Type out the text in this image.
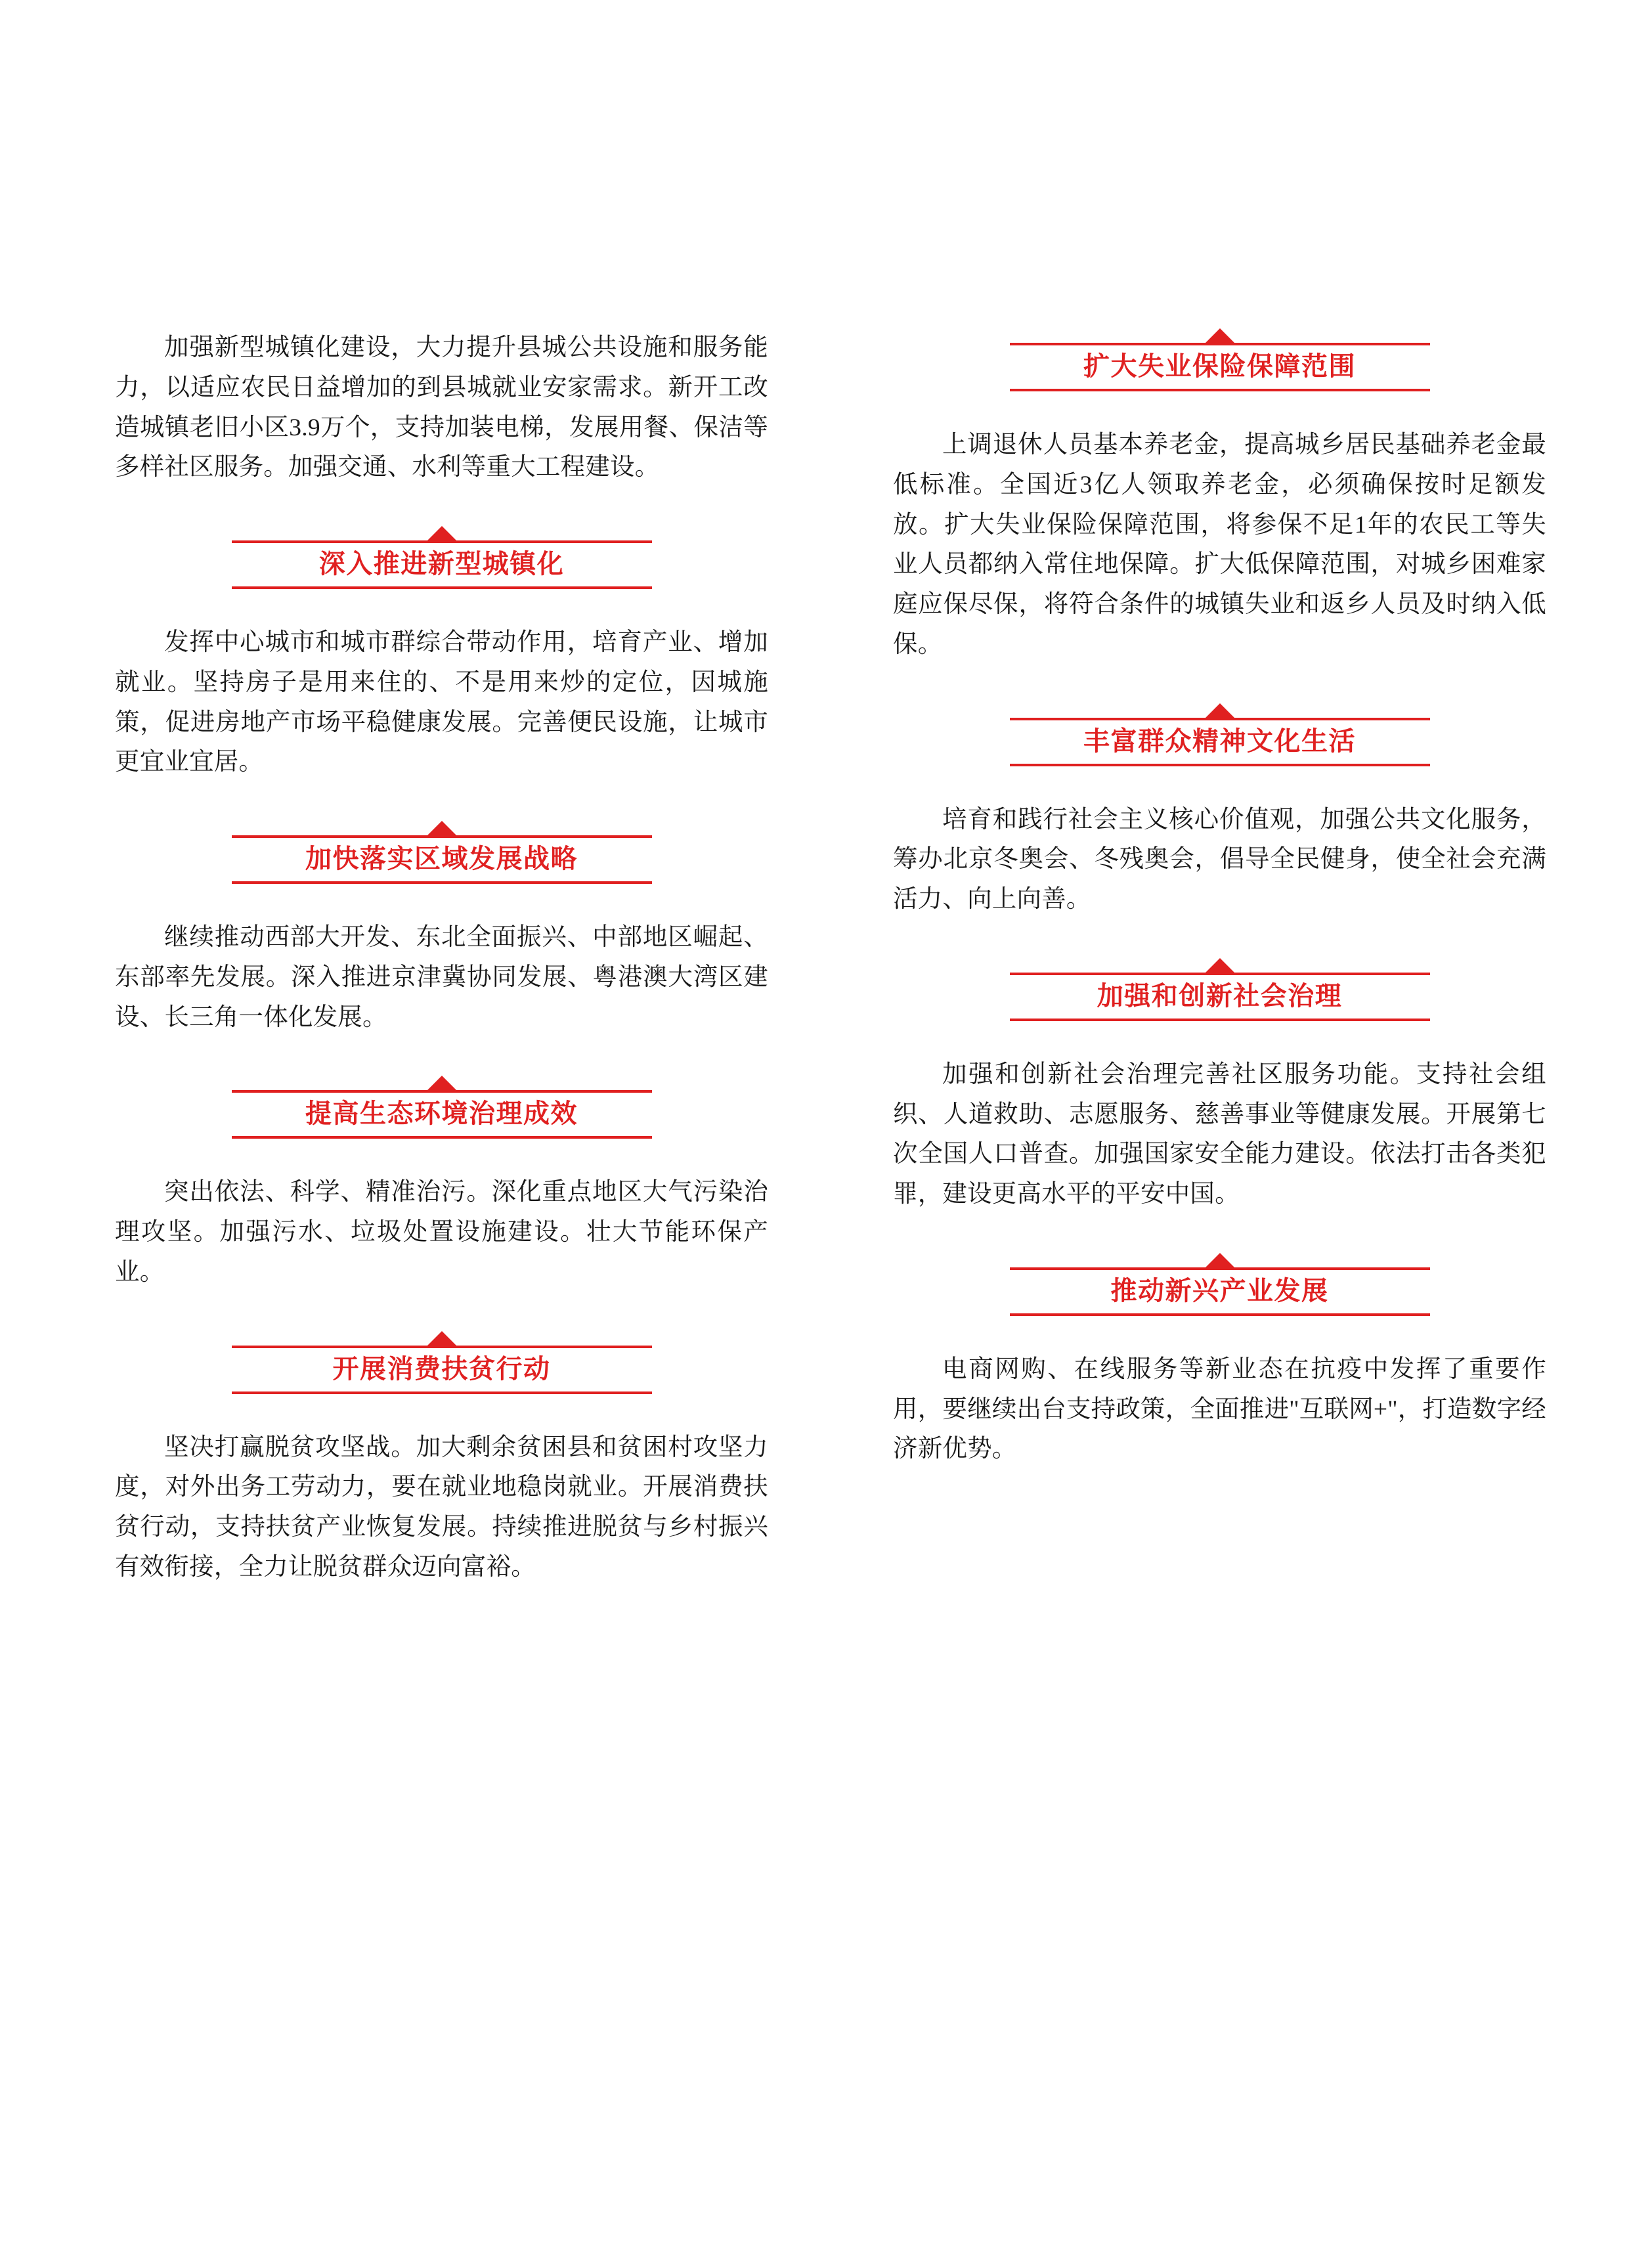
加强新型城镇化建设，大力提升县城公共设施和服务能力，以适应农民日益增加的到县城就业安家需求。新开工改造城镇老旧小区3.9万个，支持加装电梯，发展用餐、保洁等多样社区服务。加强交通、水利等重大工程建设。

深入推进新型城镇化

发挥中心城市和城市群综合带动作用，培育产业、增加就业。坚持房子是用来住的、不是用来炒的定位，因城施策，促进房地产市场平稳健康发展。完善便民设施，让城市更宜业宜居。

加快落实区域发展战略

继续推动西部大开发、东北全面振兴、中部地区崛起、东部率先发展。深入推进京津冀协同发展、粤港澳大湾区建设、长三角一体化发展。

提高生态环境治理成效

突出依法、科学、精准治污。深化重点地区大气污染治理攻坚。加强污水、垃圾处置设施建设。壮大节能环保产业。

开展消费扶贫行动

坚决打赢脱贫攻坚战。加大剩余贫困县和贫困村攻坚力度，对外出务工劳动力，要在就业地稳岗就业。开展消费扶贫行动，支持扶贫产业恢复发展。持续推进脱贫与乡村振兴有效衔接，全力让脱贫群众迈向富裕。

扩大失业保险保障范围

上调退休人员基本养老金，提高城乡居民基础养老金最低标准。全国近3亿人领取养老金，必须确保按时足额发放。扩大失业保险保障范围，将参保不足1年的农民工等失业人员都纳入常住地保障。扩大低保障范围，对城乡困难家庭应保尽保，将符合条件的城镇失业和返乡人员及时纳入低保。

丰富群众精神文化生活

培育和践行社会主义核心价值观，加强公共文化服务，筹办北京冬奥会、冬残奥会，倡导全民健身，使全社会充满活力、向上向善。

加强和创新社会治理

加强和创新社会治理完善社区服务功能。支持社会组织、人道救助、志愿服务、慈善事业等健康发展。开展第七次全国人口普查。加强国家安全能力建设。依法打击各类犯罪，建设更高水平的平安中国。

推动新兴产业发展

电商网购、在线服务等新业态在抗疫中发挥了重要作用，要继续出台支持政策，全面推进"互联网+"，打造数字经济新优势。
